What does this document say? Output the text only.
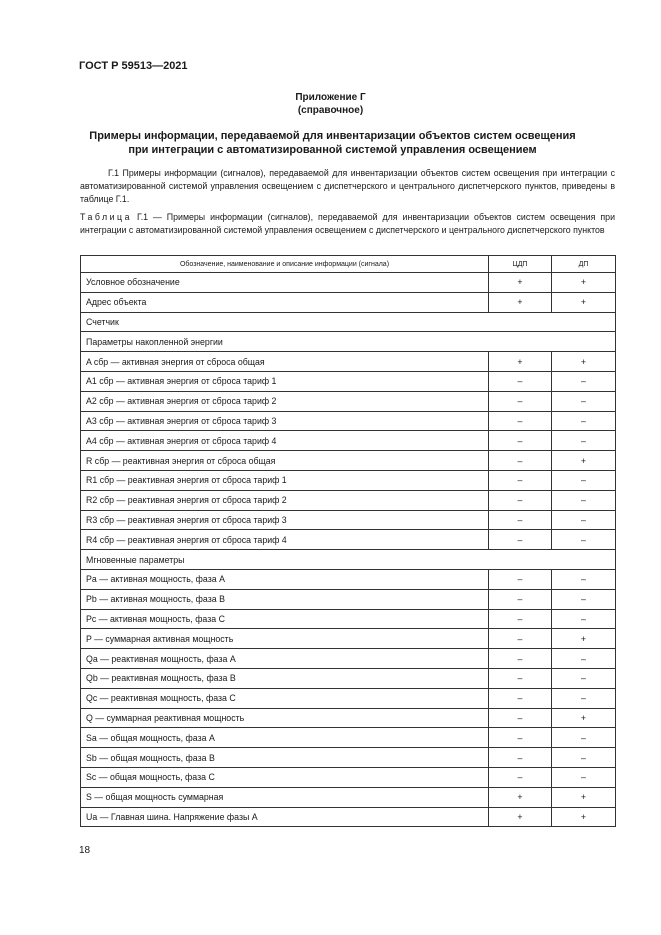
ГОСТ Р 59513—2021
Приложение Г
(справочное)
Примеры информации, передаваемой для инвентаризации объектов систем освещения при интеграции с автоматизированной системой управления освещением
Г.1 Примеры информации (сигналов), передаваемой для инвентаризации объектов систем освещения при интеграции с автоматизированной системой управления освещением с диспетчерского и центрального диспетчерского пунктов, приведены в таблице Г.1.
Таблица Г.1 — Примеры информации (сигналов), передаваемой для инвентаризации объектов систем освещения при интеграции с автоматизированной системой управления освещением с диспетчерского и центрального диспетчерского пунктов
Обозначение, наименование и описание информации (сигнала)	ЦДП	ДП
Условное обозначение	+	+
Адрес объекта	+	+
Счетчик		
Параметры накопленной энергии		
A сбр — активная энергия от сброса общая	+	+
A1 сбр — активная энергия от сброса тариф 1	–	–
A2 сбр — активная энергия от сброса тариф 2	–	–
A3 сбр — активная энергия от сброса тариф 3	–	–
A4 сбр — активная энергия от сброса тариф 4	–	–
R сбр — реактивная энергия от сброса общая	–	+
R1 сбр — реактивная энергия от сброса тариф 1	–	–
R2 сбр — реактивная энергия от сброса тариф 2	–	–
R3 сбр — реактивная энергия от сброса тариф 3	–	–
R4 сбр — реактивная энергия от сброса тариф 4	–	–
Мгновенные параметры		
Pa — активная мощность, фаза А	–	–
Pb — активная мощность, фаза В	–	–
Pc — активная мощность, фаза С	–	–
P — суммарная активная мощность	–	+
Qa — реактивная мощность, фаза А	–	–
Qb — реактивная мощность, фаза В	–	–
Qc — реактивная мощность, фаза С	–	–
Q — суммарная реактивная мощность	–	+
Sa — общая мощность, фаза А	–	–
Sb — общая мощность, фаза В	–	–
Sc — общая мощность, фаза С	–	–
S — общая мощность суммарная	+	+
Ua — Главная шина. Напряжение фазы А	+	+
18
